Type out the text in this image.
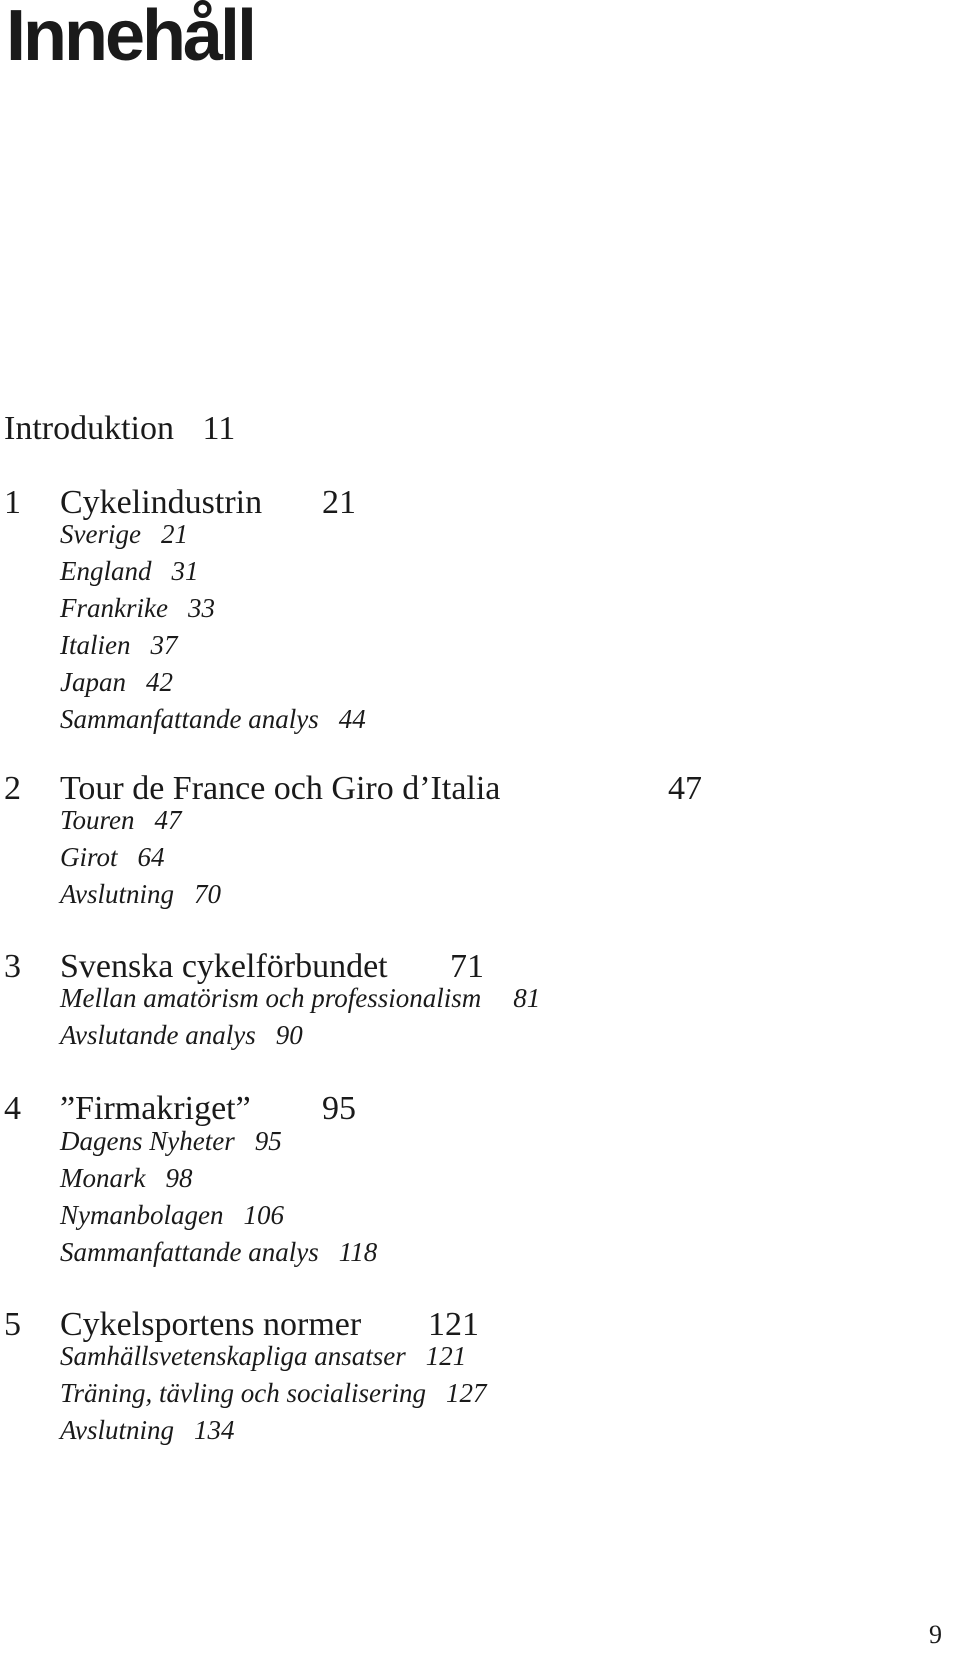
Innehåll
Introduktion 11
1 Cykelindustrin 21
Sverige 21
England 31
Frankrike 33
Italien 37
Japan 42
Sammanfattande analys 44
2 Tour de France och Giro d’Italia	47
Touren 47
Girot 64
Avslutning 70
3 Svenska cykelförbundet 71
Mellan amatörism och professionalism 81
Avslutande analys 90
4 ”Firmakriget” 95
Dagens Nyheter 95
Monark 98
Nymanbolagen 106
Sammanfattande analys 118
5 Cykelsportens normer 121
Samhällsvetenskapliga ansatser 121
Träning, tävling och socialisering 127
Avslutning 134
9
